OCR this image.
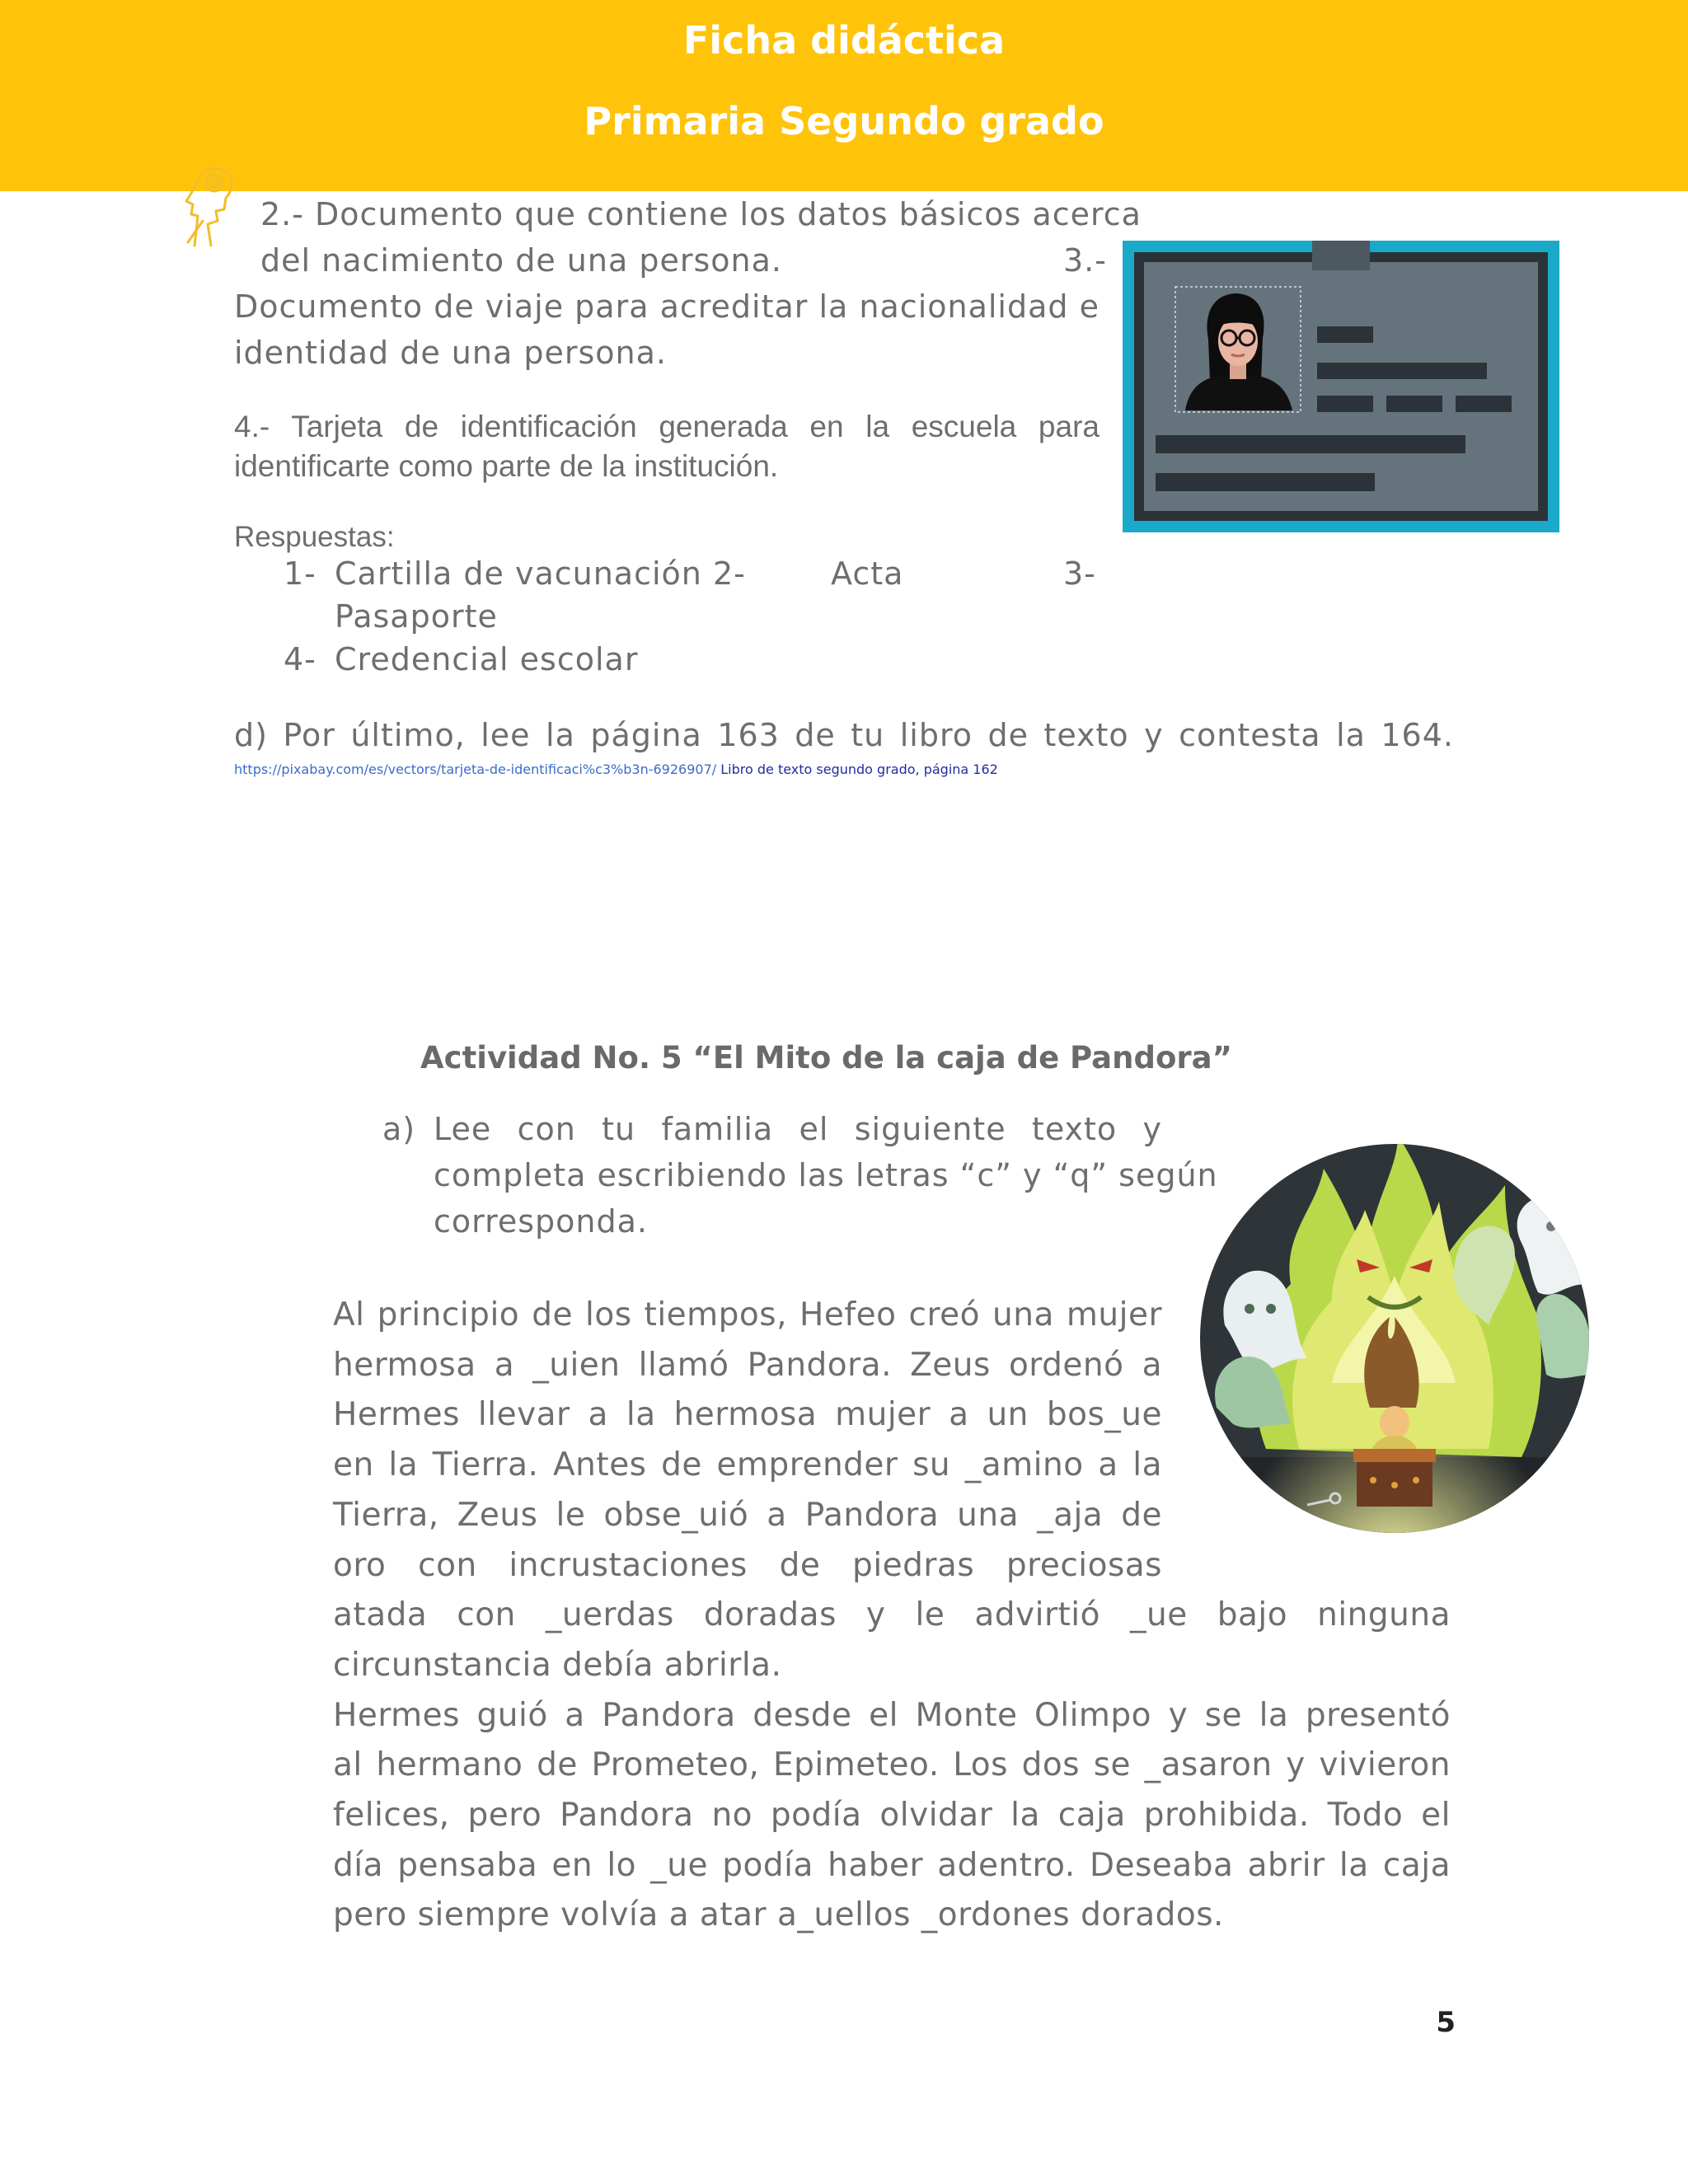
Ficha didáctica
Primaria Segundo grado
2.- Documento que contiene los datos básicos acerca
del nacimiento de una persona.	3.-
Documento de viaje para acreditar la nacionalidad e
identidad de una persona.
4.- Tarjeta de identificación generada en la escuela para
identificarte como parte de la institución.
Respuestas:
1- Cartilla de vacunación 2-	Acta	3-
Pasaporte
4- Credencial escolar
d) Por último, lee la página 163 de tu libro de texto y contesta la 164.
https://pixabay.com/es/vectors/tarjeta-de-identificaci%c3%b3n-6926907/ Libro de texto segundo grado, página 162
Actividad No. 5 “El Mito de la caja de Pandora”
a) Lee con tu familia el siguiente texto y
completa escribiendo las letras “c” y “q” según
corresponda.
Al principio de los tiempos, Hefeo creó una mujer
hermosa a _uien llamó Pandora. Zeus ordenó a
Hermes llevar a la hermosa mujer a un bos_ue
en la Tierra. Antes de emprender su _amino a la
Tierra, Zeus le obse_uió a Pandora una _aja de
oro con incrustaciones de piedras preciosas
atada con _uerdas doradas y le advirtió _ue bajo ninguna
circunstancia debía abrirla.
Hermes guió a Pandora desde el Monte Olimpo y se la presentó
al hermano de Prometeo, Epimeteo. Los dos se _asaron y vivieron
felices, pero Pandora no podía olvidar la caja prohibida. Todo el
día pensaba en lo _ue podía haber adentro. Deseaba abrir la caja
pero siempre volvía a atar a_uellos _ordones dorados.
5
